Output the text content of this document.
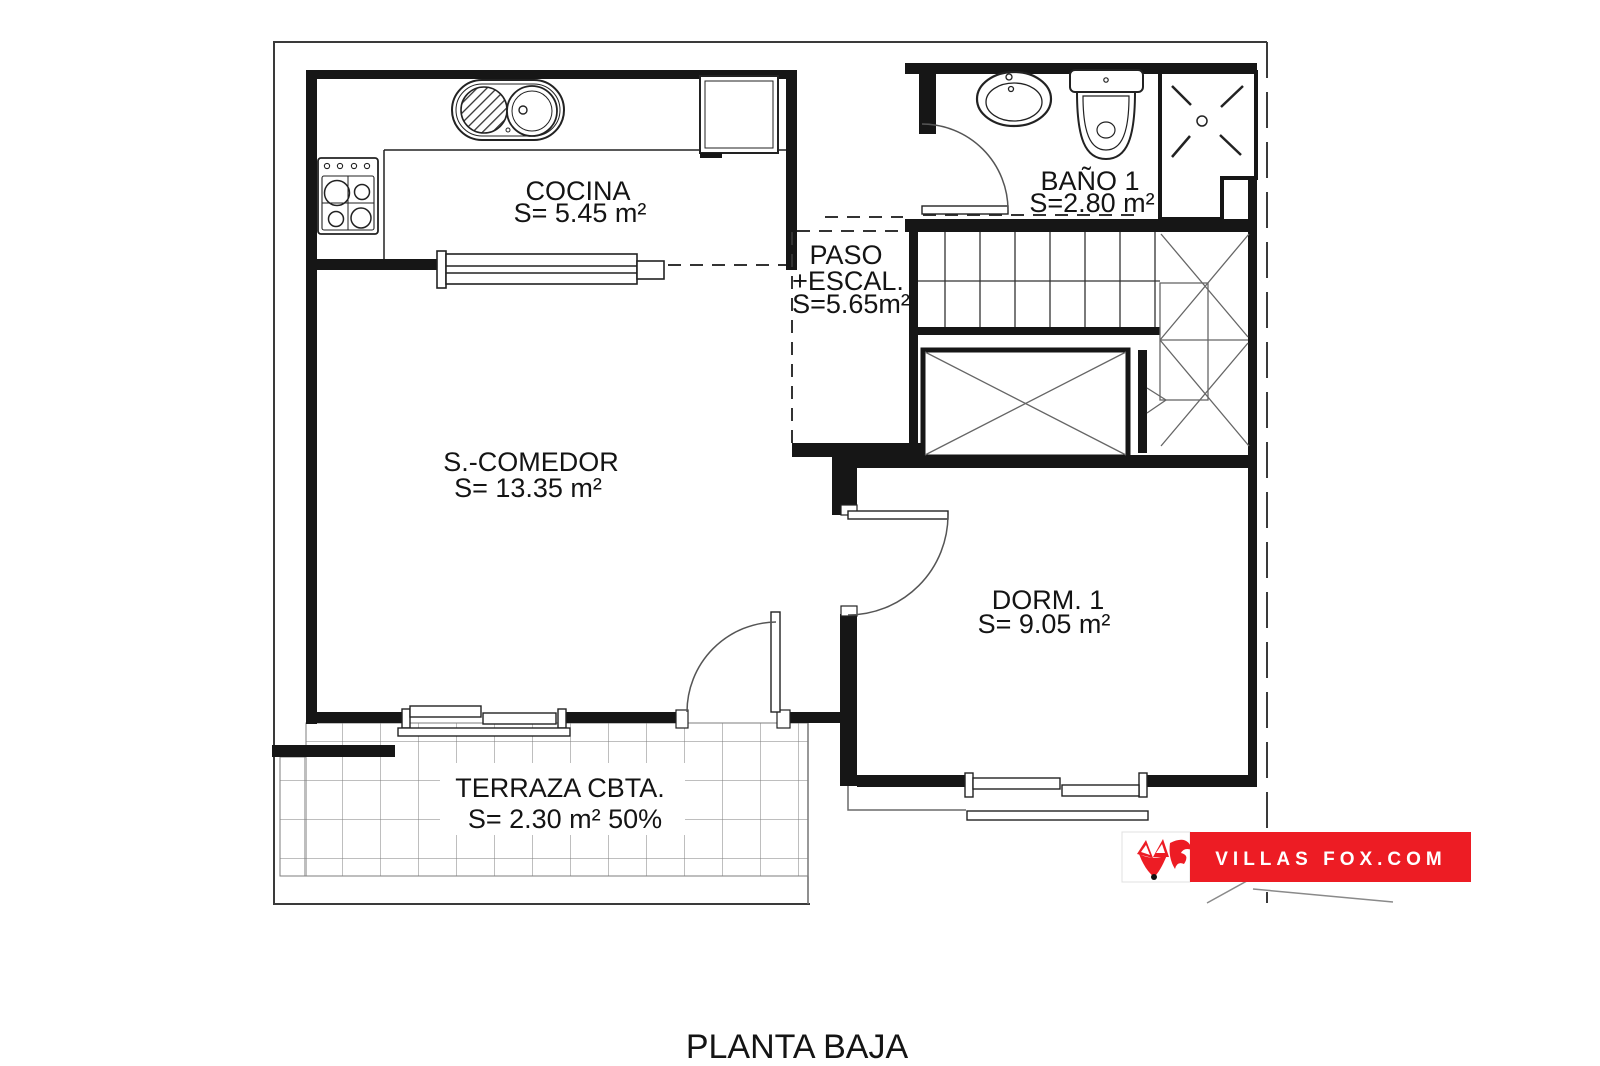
COCINA
S= 5.45 m²
BAÑO 1
S=2.80 m²
PASO
+ESCAL.
S=5.65m²
S.-COMEDOR
S= 13.35 m²
DORM. 1
S= 9.05 m²
TERRAZA CBTA.
S= 2.30 m² 50%
PLANTA BAJA
VILLAS FOX.COM
